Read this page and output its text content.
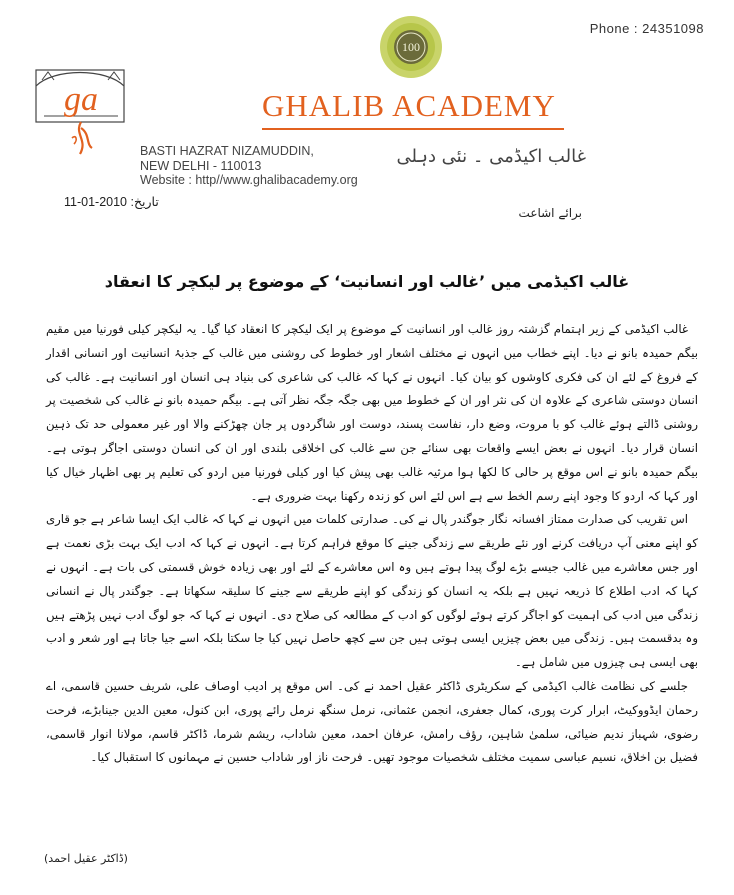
Phone : 24351098
100
ga	GHALIB ACADEMY
BASTI HAZRAT NIZAMUDDIN,
NEW DELHI - 110013
Website : http//www.ghalibacademy.org
غالب اکیڈمی ۔ نئی دہلی
11-01-2010 تاریخ:
برائے اشاعت
غالب اکیڈمی میں ’غالب اور انسانیت‘ کے موضوع پر لیکچر کا انعقاد

غالب اکیڈمی کے زیر اہتمام گزشتہ روز غالب اور انسانیت کے موضوع پر ایک لیکچر کا انعقاد کیا گیا۔ یہ لیکچر کیلی فورنیا میں مقیم بیگم حمیدہ بانو نے دیا۔ اپنے خطاب میں انہوں نے مختلف اشعار اور خطوط کی روشنی میں غالب کے جذبۂ انسانیت اور انسانی اقدار کے فروغ کے لئے ان کی فکری کاوشوں کو بیان کیا۔ انہوں نے کہا کہ غالب کی شاعری کی بنیاد ہی انسان اور انسانیت ہے۔ غالب کی انسان دوستی شاعری کے علاوہ ان کی نثر اور ان کے خطوط میں بھی جگہ جگہ نظر آتی ہے۔ بیگم حمیدہ بانو نے غالب کی شخصیت پر روشنی ڈالتے ہوئے غالب کو با مروت، وضع دار، نفاست پسند، دوست اور شاگردوں پر جان چھڑکنے والا اور غیر معمولی حد تک ذہین انسان قرار دیا۔ انہوں نے بعض ایسے واقعات بھی سنائے جن سے غالب کی اخلاقی بلندی اور ان کی انسان دوستی اجاگر ہوتی ہے۔ بیگم حمیدہ بانو نے اس موقع پر حالی کا لکھا ہوا مرثیہ غالب بھی پیش کیا اور کیلی فورنیا میں اردو کی تعلیم پر بھی اظہار خیال کیا اور کہا کہ اردو کا وجود اپنے رسم الخط سے ہے اس لئے اس کو زندہ رکھنا بہت ضروری ہے۔

اس تقریب کی صدارت ممتاز افسانہ نگار جوگندر پال نے کی۔ صدارتی کلمات میں انہوں نے کہا کہ غالب ایک ایسا شاعر ہے جو قاری کو اپنے معنی آپ دریافت کرنے اور نئے طریقے سے زندگی جینے کا موقع فراہم کرتا ہے۔ انہوں نے کہا کہ ادب ایک بہت بڑی نعمت ہے اور جس معاشرے میں غالب جیسے بڑے لوگ پیدا ہوتے ہیں وہ اس معاشرے کے لئے اور بھی زیادہ خوش قسمتی کی بات ہے۔ انہوں نے کہا کہ ادب اطلاع کا ذریعہ نہیں ہے بلکہ یہ انسان کو زندگی کو اپنے طریقے سے جینے کا سلیقہ سکھاتا ہے۔ جوگندر پال نے انسانی زندگی میں ادب کی اہمیت کو اجاگر کرتے ہوئے لوگوں کو ادب کے مطالعہ کی صلاح دی۔ انہوں نے کہا کہ جو لوگ ادب نہیں پڑھتے ہیں وہ بدقسمت ہیں۔ زندگی میں بعض چیزیں ایسی ہوتی ہیں جن سے کچھ حاصل نہیں کیا جا سکتا بلکہ اسے جیا جاتا ہے اور شعر و ادب بھی ایسی ہی چیزوں میں شامل ہے۔

جلسے کی نظامت غالب اکیڈمی کے سکریٹری ڈاکٹر عقیل احمد نے کی۔ اس موقع پر ادیب اوصاف علی، شریف حسین قاسمی، اے رحمان ایڈووکیٹ، ابرار کرت پوری، کمال جعفری، انجمن عثمانی، نرمل سنگھ نرمل رائے پوری، ابن کنول، معین الدین جینابڑے، فرحت رضوی، شہباز ندیم ضیائی، سلمیٰ شاہین، رؤف رامش، عرفان احمد، معین شاداب، ریشم شرما، ڈاکٹر قاسم، مولانا انوار قاسمی، فضیل بن اخلاق، نسیم عباسی سمیت مختلف شخصیات موجود تھیں۔ فرحت ناز اور شاداب حسین نے مہمانوں کا استقبال کیا۔

(ڈاکٹر عقیل احمد)
